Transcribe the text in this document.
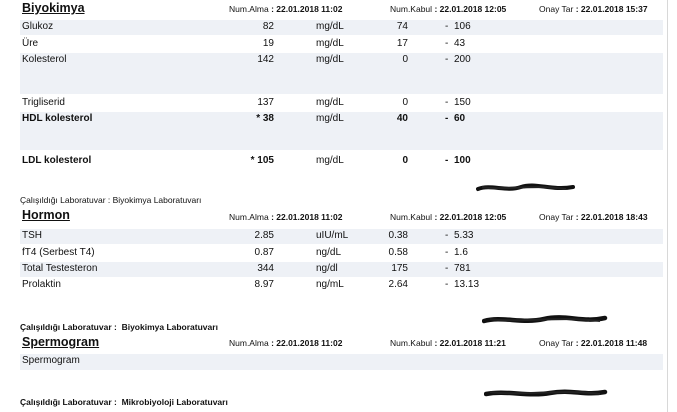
Biyokimya	Num.Alma : 22.01.2018 11:02	Num.Kabul : 22.01.2018 12:05	Onay Tar : 22.01.2018 15:37
Glukoz	82	mg/dL	74	- 106
Üre	19	mg/dL	17	- 43
Kolesterol	142	mg/dL	0	- 200
Trigliserid	137	mg/dL	0	- 150
HDL kolesterol	* 38	mg/dL	40	- 60
LDL kolesterol	* 105	mg/dL	0	- 100
Çalışıldığı Laboratuvar : Biyokimya Laboratuvarı
Hormon	Num.Alma : 22.01.2018 11:02	Num.Kabul : 22.01.2018 12:05	Onay Tar : 22.01.2018 18:43
TSH	2.85	uIU/mL	0.38	- 5.33
fT4 (Serbest T4)	0.87	ng/dL	0.58	- 1.6
Total Testesteron	344	ng/dl	175	- 781
Prolaktin	8.97	ng/mL	2.64	- 13.13
Çalışıldığı Laboratuvar : Biyokimya Laboratuvarı
Spermogram	Num.Alma : 22.01.2018 11:02	Num.Kabul : 22.01.2018 11:21	Onay Tar : 22.01.2018 11:48
Spermogram
Çalışıldığı Laboratuvar : Mikrobiyoloji Laboratuvarı
